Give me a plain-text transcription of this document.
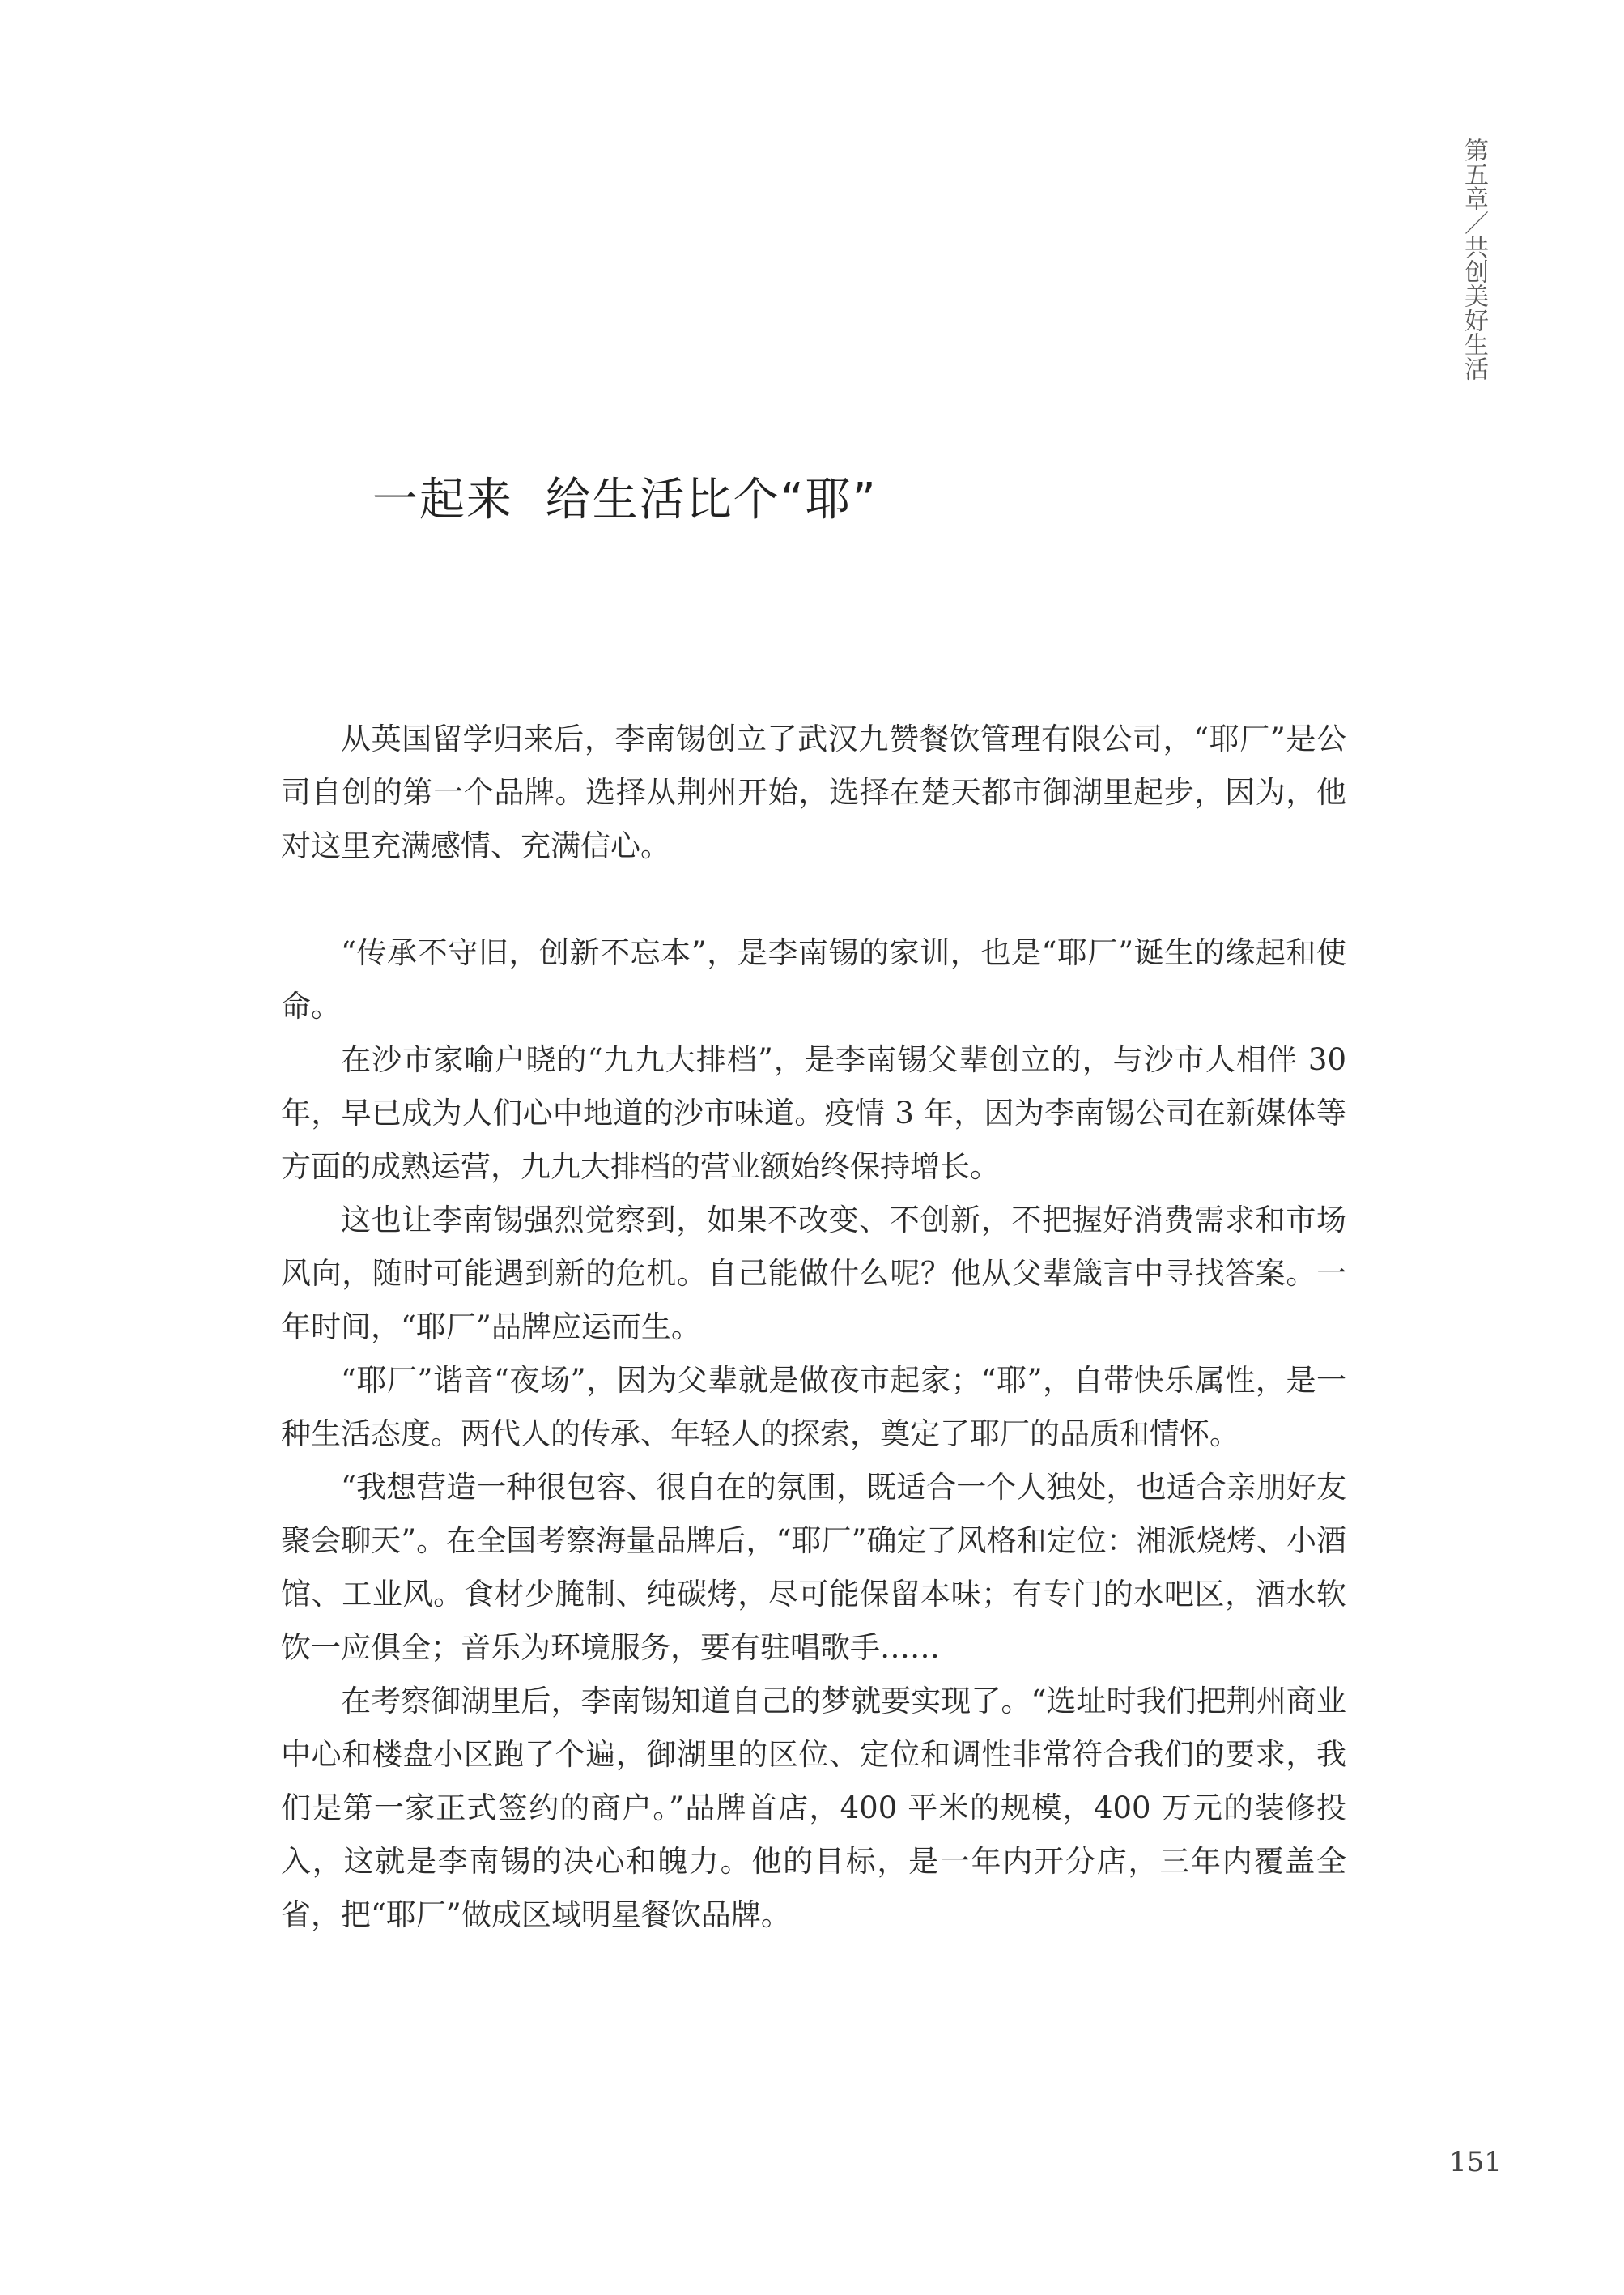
第五章／共创美好生活
一起来  给生活比个“耶”

从英国留学归来后，李南锡创立了武汉九赞餐饮管理有限公司，“耶厂”是公司自创的第一个品牌。选择从荆州开始，选择在楚天都市御湖里起步，因为，他对这里充满感情、充满信心。

“传承不守旧，创新不忘本”，是李南锡的家训，也是“耶厂”诞生的缘起和使命。

在沙市家喻户晓的“九九大排档”，是李南锡父辈创立的，与沙市人相伴 30 年，早已成为人们心中地道的沙市味道。疫情 3 年，因为李南锡公司在新媒体等方面的成熟运营，九九大排档的营业额始终保持增长。

这也让李南锡强烈觉察到，如果不改变、不创新，不把握好消费需求和市场风向，随时可能遇到新的危机。自己能做什么呢？他从父辈箴言中寻找答案。一年时间，“耶厂”品牌应运而生。

“耶厂”谐音“夜场”，因为父辈就是做夜市起家；“耶”，自带快乐属性，是一种生活态度。两代人的传承、年轻人的探索，奠定了耶厂的品质和情怀。

“我想营造一种很包容、很自在的氛围，既适合一个人独处，也适合亲朋好友聚会聊天”。在全国考察海量品牌后，“耶厂”确定了风格和定位：湘派烧烤、小酒馆、工业风。食材少腌制、纯碳烤，尽可能保留本味；有专门的水吧区，酒水软饮一应俱全；音乐为环境服务，要有驻唱歌手……

在考察御湖里后，李南锡知道自己的梦就要实现了。“选址时我们把荆州商业中心和楼盘小区跑了个遍，御湖里的区位、定位和调性非常符合我们的要求，我们是第一家正式签约的商户。”品牌首店，400 平米的规模，400 万元的装修投入，这就是李南锡的决心和魄力。他的目标，是一年内开分店，三年内覆盖全省，把“耶厂”做成区域明星餐饮品牌。

151
